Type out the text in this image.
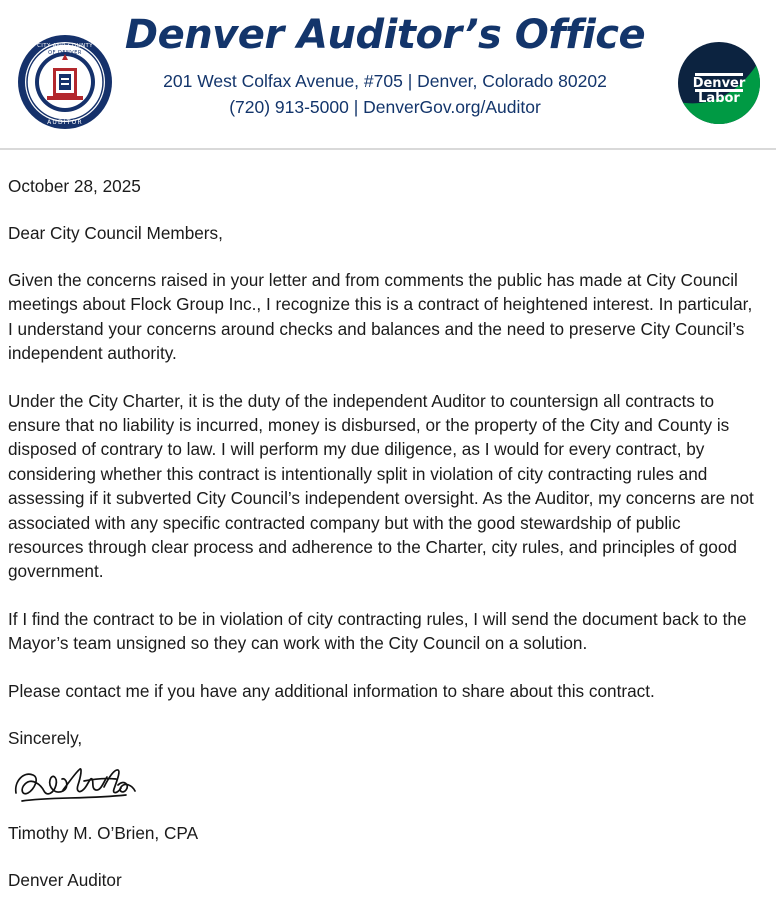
CITY AND COUNTY
AUDITOR
OF DENVER Denver Auditor’s Office
201 West Colfax Avenue, #705 | Denver, Colorado 80202
(720) 913-5000 | DenverGov.org/Auditor
Denver
Labor

October 28, 2025

Dear City Council Members,

Given the concerns raised in your letter and from comments the public has made at City Council meetings about Flock Group Inc., I recognize this is a contract of heightened interest. In particular, I understand your concerns around checks and balances and the need to preserve City Council’s independent authority.

Under the City Charter, it is the duty of the independent Auditor to countersign all contracts to ensure that no liability is incurred, money is disbursed, or the property of the City and County is disposed of contrary to law. I will perform my due diligence, as I would for every contract, by considering whether this contract is intentionally split in violation of city contracting rules and assessing if it subverted City Council’s independent oversight. As the Auditor, my concerns are not associated with any specific contracted company but with the good stewardship of public resources through clear process and adherence to the Charter, city rules, and principles of good government.

If I find the contract to be in violation of city contracting rules, I will send the document back to the Mayor’s team unsigned so they can work with the City Council on a solution.

Please contact me if you have any additional information to share about this contract.

Sincerely,

Timothy M. O’Brien, CPA

Denver Auditor
